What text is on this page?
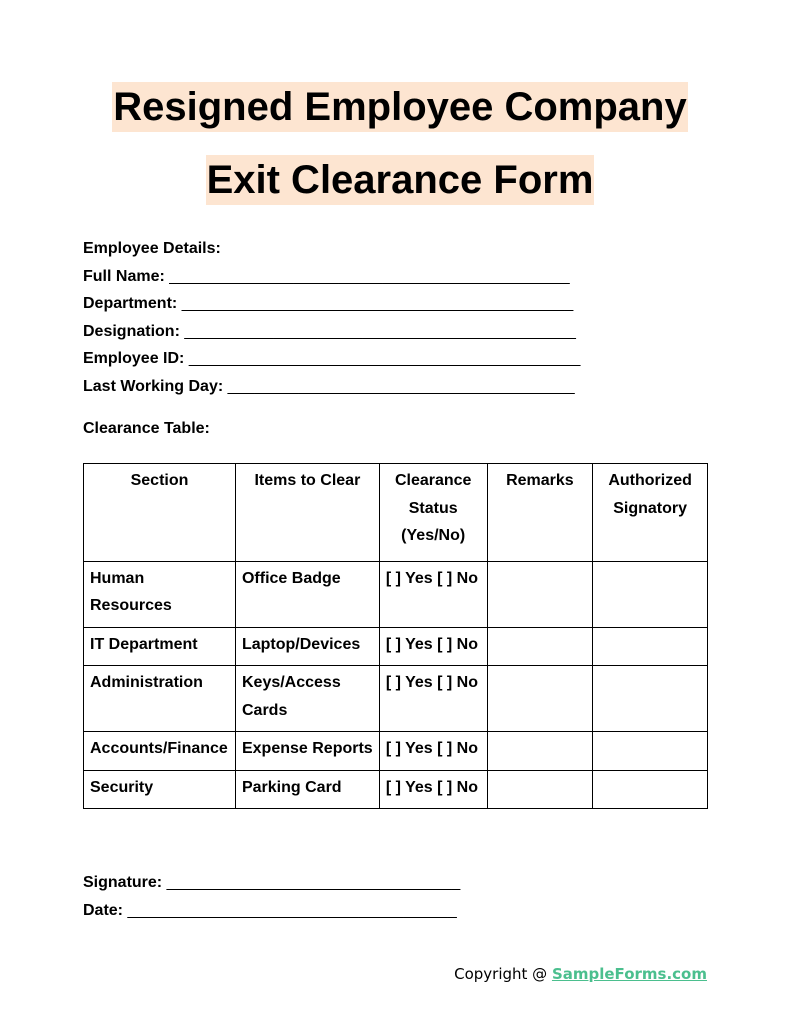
Resigned Employee Company
Exit Clearance Form
Employee Details:
Full Name: _____________________________________________
Department: ____________________________________________
Designation: ____________________________________________
Employee ID: ____________________________________________
Last Working Day: _______________________________________
Clearance Table:
Section	Items to Clear	Clearance Status (Yes/No)	Remarks	Authorized Signatory
Human Resources	Office Badge	[ ] Yes [ ] No		
IT Department	Laptop/Devices	[ ] Yes [ ] No		
Administration	Keys/Access Cards	[ ] Yes [ ] No		
Accounts/Finance	Expense Reports	[ ] Yes [ ] No		
Security	Parking Card	[ ] Yes [ ] No		
Signature: _________________________________
Date: _____________________________________
Copyright @ SampleForms.com
